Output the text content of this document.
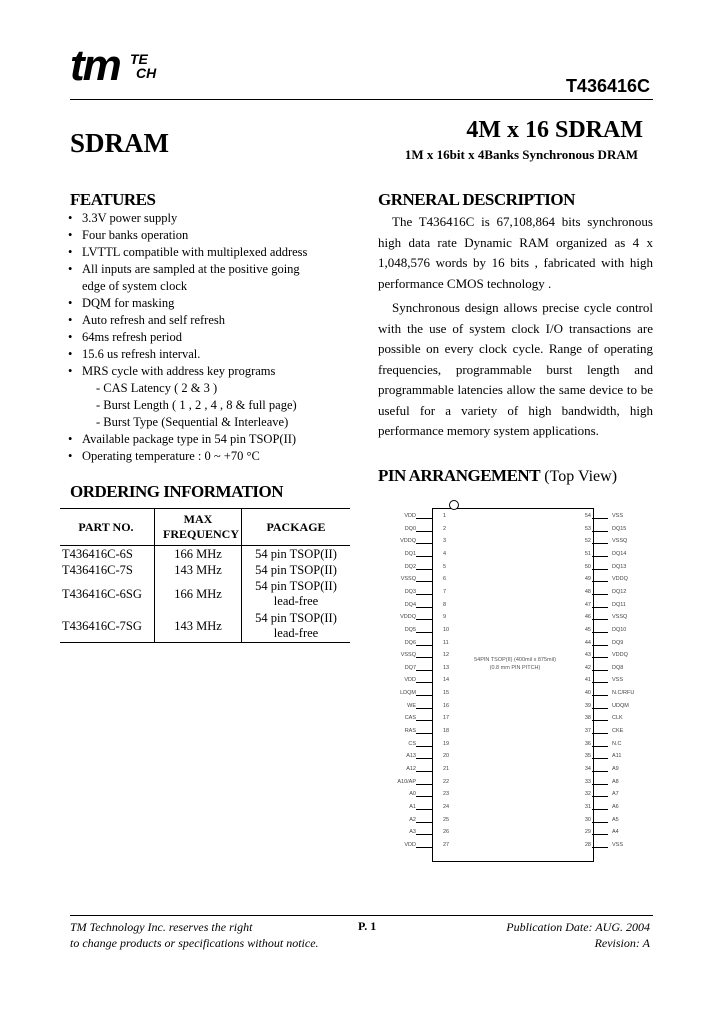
tm TE
CH
T436416C
SDRAM	4M x 16 SDRAM
1M x 16bit x 4Banks Synchronous DRAM
FEATURES
• 3.3V power supply
• Four banks operation
• LVTTL compatible with multiplexed address
• All inputs are sampled at the positive going
edge of system clock
• DQM for masking
• Auto refresh and self refresh
• 64ms refresh period
• 15.6 us refresh interval.
• MRS cycle with address key programs
- CAS Latency ( 2 & 3 )
- Burst Length ( 1 , 2 , 4 , 8 & full page)
- Burst Type (Sequential & Interleave)
• Available package type in 54 pin TSOP(II)
• Operating temperature : 0 ~ +70 °C
GRNERAL DESCRIPTION

The T436416C is 67,108,864 bits synchronous high data rate Dynamic RAM organized as 4 x 1,048,576 words by 16 bits , fabricated with high performance CMOS technology .

Synchronous design allows precise cycle control with the use of system clock I/O transactions are possible on every clock cycle. Range of operating frequencies, programmable burst length and programmable latencies allow the same device to be useful for a variety of high bandwidth, high performance memory system applications.

ORDERING INFORMATION
PART NO.	MAX FREQUENCY	PACKAGE
T436416C-6S	166 MHz	54 pin TSOP(II)
T436416C-7S	143 MHz	54 pin TSOP(II)
T436416C-6SG	166 MHz	54 pin TSOP(II) lead-free
T436416C-7SG	143 MHz	54 pin TSOP(II) lead-free
PIN ARRANGEMENT (Top View)
54PIN TSOP(II) (400mil x 875mil) (0.8 mm PIN PITCH)
VDD	1
DQ0	2
VDDQ	3
DQ1	4
DQ2	5
VSSQ	6
DQ3	7
DQ4	8
VDDQ	9
DQ5	10
DQ6	11
VSSQ	12
DQ7	13
VDD	14
LDQM	15
WE	16
CAS	17
RAS	18
CS	19
A13	20
A12	21
A10/AP	22
A0	23
A1	24
A2	25
A3	26
VDD	27
VSS
54
DQ15
53
VSSQ
52
DQ14
51
DQ13
50
VDDQ
49
DQ12
48
DQ11
47
VSSQ
46
DQ10
45
DQ9
44
VDDQ
43
DQ8
42
VSS
41
N.C/RFU
40
UDQM
39
CLK
38
CKE
37
N.C
36
A11
35
A9
34
A8
33
A7
32
A6
31
A5
30
A4
29
VSS
28
TM Technology Inc. reserves the right
to change products or specifications without notice.
P. 1	Publication Date: AUG. 2004
Revision: A
